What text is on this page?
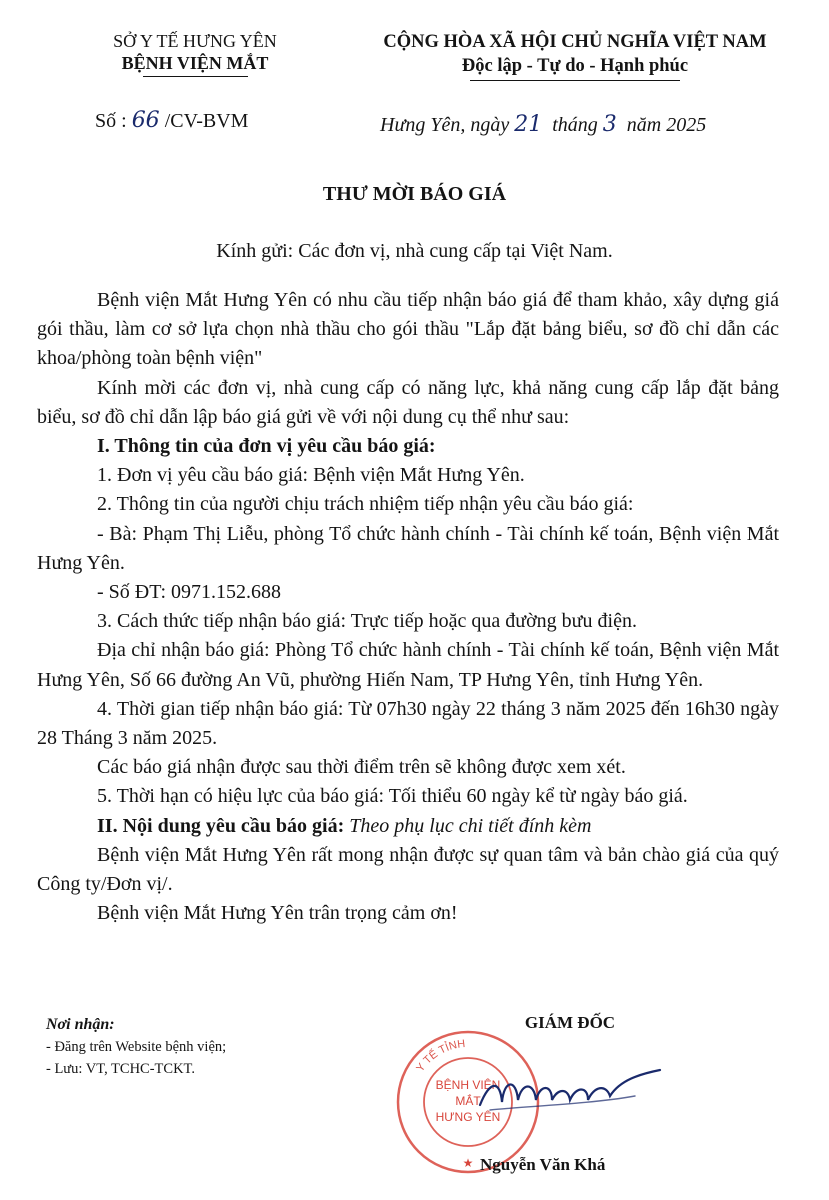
SỞ Y TẾ HƯNG YÊN
BỆNH VIỆN MẮT
CỘNG HÒA XÃ HỘI CHỦ NGHĨA VIỆT NAM
Độc lập - Tự do - Hạnh phúc
Số : 66 /CV-BVM	Hưng Yên, ngày 21 tháng 3 năm 2025
THƯ MỜI BÁO GIÁ
Kính gửi: Các đơn vị, nhà cung cấp tại Việt Nam.

Bệnh viện Mắt Hưng Yên có nhu cầu tiếp nhận báo giá để tham khảo, xây dựng giá gói thầu, làm cơ sở lựa chọn nhà thầu cho gói thầu "Lắp đặt bảng biểu, sơ đồ chỉ dẫn các khoa/phòng toàn bệnh viện"

Kính mời các đơn vị, nhà cung cấp có năng lực, khả năng cung cấp lắp đặt bảng biểu, sơ đồ chỉ dẫn lập báo giá gửi về với nội dung cụ thể như sau:

I. Thông tin của đơn vị yêu cầu báo giá:

1. Đơn vị yêu cầu báo giá: Bệnh viện Mắt Hưng Yên.

2. Thông tin của người chịu trách nhiệm tiếp nhận yêu cầu báo giá:

- Bà: Phạm Thị Liễu, phòng Tổ chức hành chính - Tài chính kế toán, Bệnh viện Mắt Hưng Yên.

- Số ĐT: 0971.152.688

3. Cách thức tiếp nhận báo giá: Trực tiếp hoặc qua đường bưu điện.

Địa chỉ nhận báo giá: Phòng Tổ chức hành chính - Tài chính kế toán, Bệnh viện Mắt Hưng Yên, Số 66 đường An Vũ, phường Hiến Nam, TP Hưng Yên, tỉnh Hưng Yên.

4. Thời gian tiếp nhận báo giá: Từ 07h30 ngày 22 tháng 3 năm 2025 đến 16h30 ngày 28 Tháng 3 năm 2025.

Các báo giá nhận được sau thời điểm trên sẽ không được xem xét.

5. Thời hạn có hiệu lực của báo giá: Tối thiểu 60 ngày kể từ ngày báo giá.

II. Nội dung yêu cầu báo giá: Theo phụ lục chi tiết đính kèm

Bệnh viện Mắt Hưng Yên rất mong nhận được sự quan tâm và bản chào giá của quý Công ty/Đơn vị/.

Bệnh viện Mắt Hưng Yên trân trọng cảm ơn!

Nơi nhận:
- Đăng trên Website bệnh viện;
- Lưu: VT, TCHC-TCKT.
GIÁM ĐỐC
Y TẾ TỈNH
BỆNH VIỆN
MẮT
HƯNG YÊN
★ Nguyễn Văn Khá
